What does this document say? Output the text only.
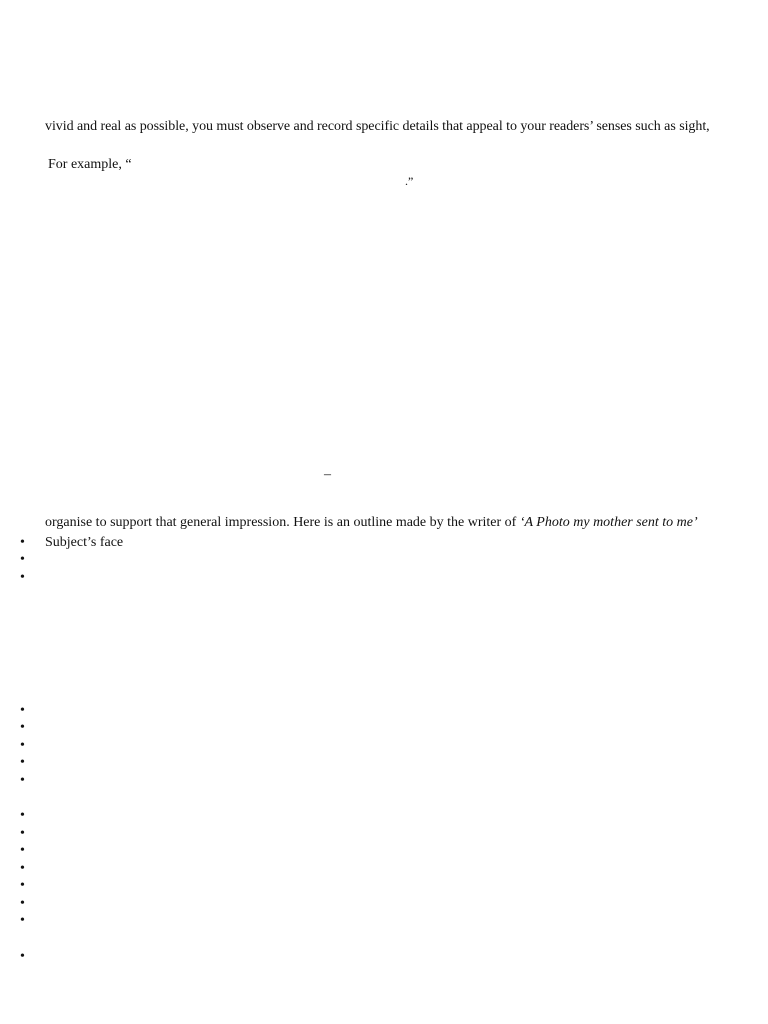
vivid and real as possible, you must observe and record specific details that appeal to your readers’ senses such as sight,
For example, “
.”
–
organise to support that general impression. Here is an outline made by the writer of ‘A Photo my mother sent to me’
•	Subject’s face
•
•
•
•
•
•
•
•
•
•
•
•
•
•
•
